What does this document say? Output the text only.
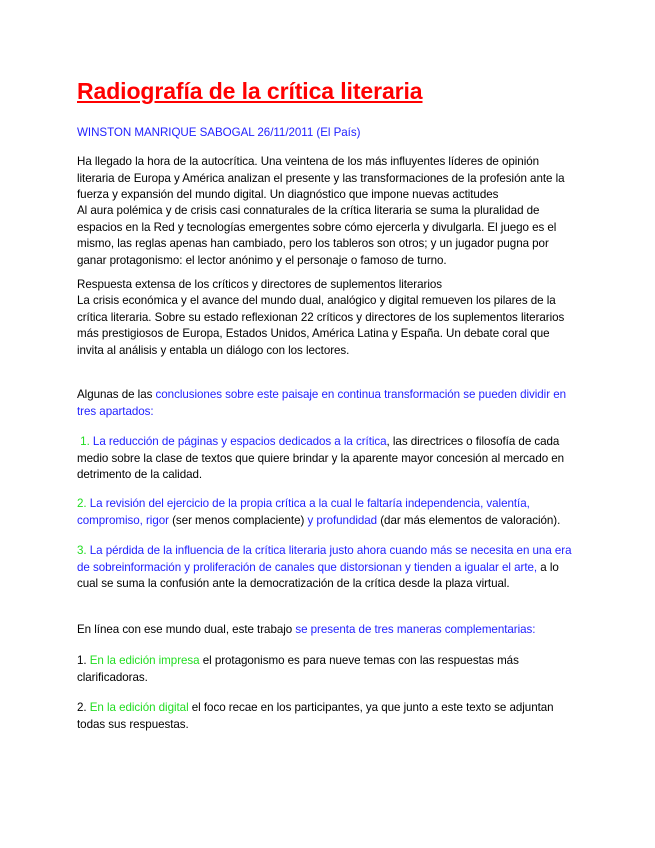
Radiografía de la crítica literaria

WINSTON MANRIQUE SABOGAL 26/11/2011 (El País)

Ha llegado la hora de la autocrítica. Una veintena de los más influyentes líderes de opinión literaria de Europa y América analizan el presente y las transformaciones de la profesión ante la fuerza y expansión del mundo digital. Un diagnóstico que impone nuevas actitudes

Al aura polémica y de crisis casi connaturales de la crítica literaria se suma la pluralidad de espacios en la Red y tecnologías emergentes sobre cómo ejercerla y divulgarla. El juego es el mismo, las reglas apenas han cambiado, pero los tableros son otros; y un jugador pugna por ganar protagonismo: el lector anónimo y el personaje o famoso de turno.

Respuesta extensa de los críticos y directores de suplementos literarios

La crisis económica y el avance del mundo dual, analógico y digital remueven los pilares de la crítica literaria. Sobre su estado reflexionan 22 críticos y directores de los suplementos literarios más prestigiosos de Europa, Estados Unidos, América Latina y España. Un debate coral que invita al análisis y entabla un diálogo con los lectores.

Algunas de las conclusiones sobre este paisaje en continua transformación se pueden dividir en tres apartados:

1. La reducción de páginas y espacios dedicados a la crítica, las directrices o filosofía de cada medio sobre la clase de textos que quiere brindar y la aparente mayor concesión al mercado en detrimento de la calidad.

2. La revisión del ejercicio de la propia crítica a la cual le faltaría independencia, valentía, compromiso, rigor (ser menos complaciente) y profundidad (dar más elementos de valoración).

3. La pérdida de la influencia de la crítica literaria justo ahora cuando más se necesita en una era de sobreinformación y proliferación de canales que distorsionan y tienden a igualar el arte, a lo cual se suma la confusión ante la democratización de la crítica desde la plaza virtual.

En línea con ese mundo dual, este trabajo se presenta de tres maneras complementarias:

1. En la edición impresa el protagonismo es para nueve temas con las respuestas más clarificadoras.

2. En la edición digital el foco recae en los participantes, ya que junto a este texto se adjuntan todas sus respuestas.
